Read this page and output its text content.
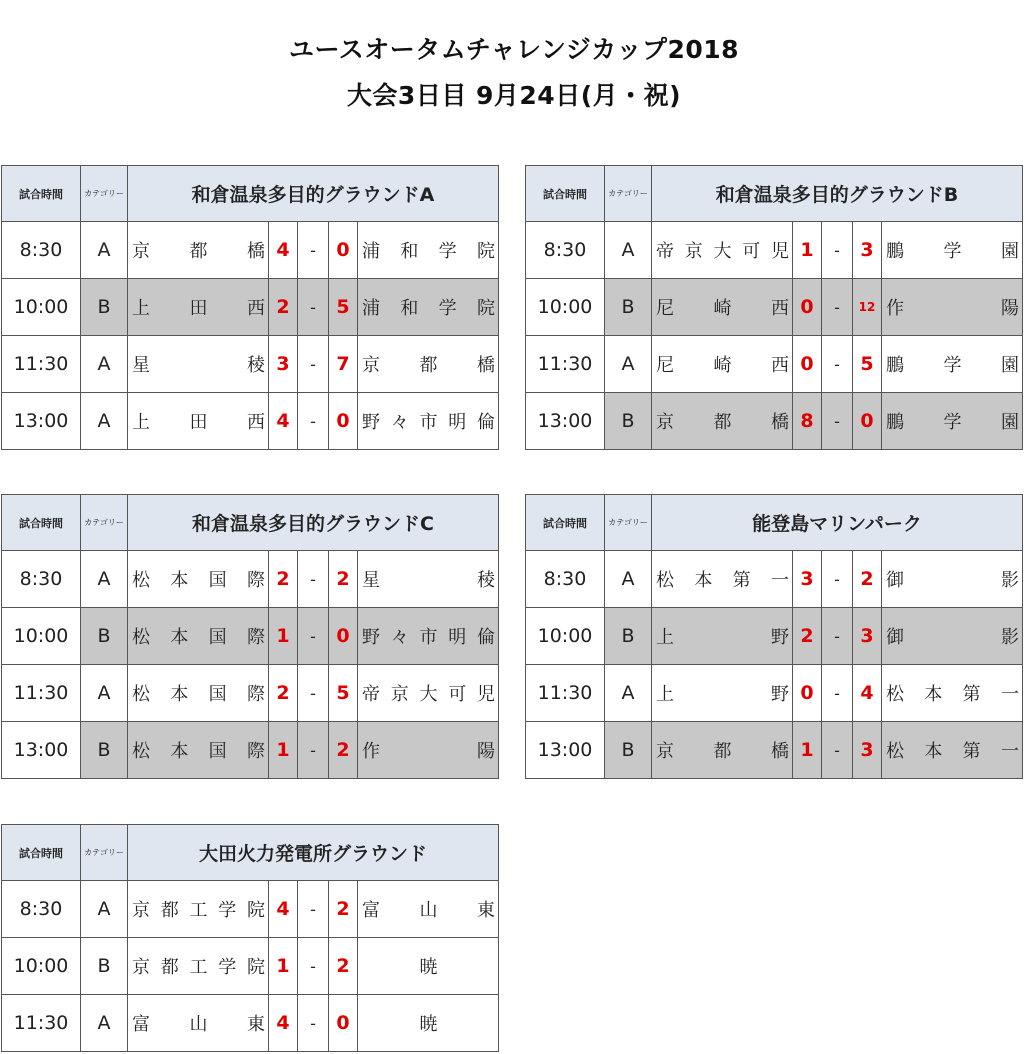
ユースオータムチャレンジカップ2018
大会3日目 9月24日(月・祝)
試合時間	カテゴリー	和倉温泉多目的グラウンドA				
8:30	A	京 都 橋	4	-	0	浦 和 学 院

10:00	B	上 田 西	2	-	5	浦 和 学 院

11:30	A	星 稜	3	-	7	京 都 橋

13:00	A	上 田 西	4	-	0	野 々 市 明 倫
試合時間	カテゴリー	和倉温泉多目的グラウンドB				
8:30	A	帝 京 大 可 児	1	-	3	鵬 学 園

10:00	B	尼 崎 西	0	-	12	作 陽

11:30	A	尼 崎 西	0	-	5	鵬 学 園

13:00	B	京 都 橋	8	-	0	鵬 学 園
試合時間	カテゴリー	和倉温泉多目的グラウンドC				
8:30	A	松 本 国 際	2	-	2	星 稜

10:00	B	松 本 国 際	1	-	0	野 々 市 明 倫

11:30	A	松 本 国 際	2	-	5	帝 京 大 可 児

13:00	B	松 本 国 際	1	-	2	作 陽
試合時間	カテゴリー	能登島マリンパーク				
8:30	A	松 本 第 一	3	-	2	御 影

10:00	B	上 野	2	-	3	御 影

11:30	A	上 野	0	-	4	松 本 第 一

13:00	B	京 都 橋	1	-	3	松 本 第 一
試合時間	カテゴリー	大田火力発電所グラウンド				
8:30	A	京 都 工 学 院	4	-	2	富 山 東

10:00	B	京 都 工 学 院	1	-	2	暁

11:30	A	富 山 東	4	-	0	暁
